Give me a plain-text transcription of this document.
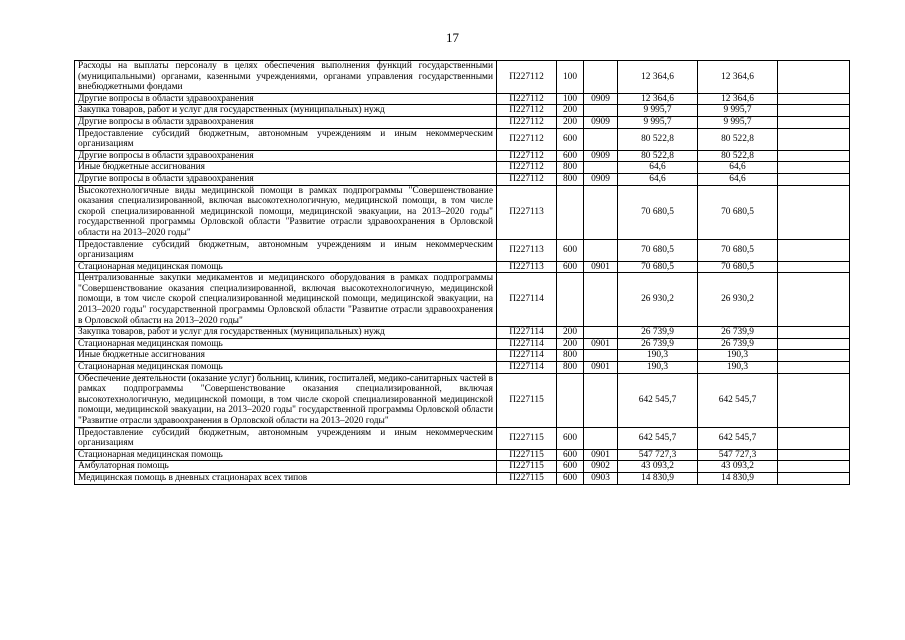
17
Расходы на выплаты персоналу в целях обеспечения выполнения функций государственными (муниципальными) органами, казенными учреждениями, органами управления государственными внебюджетными фондами	П227112	100		12 364,6	12 364,6	
Другие вопросы в области здравоохранения	П227112	100	0909	12 364,6	12 364,6	
Закупка товаров, работ и услуг для государственных (муниципальных) нужд	П227112	200		9 995,7	9 995,7	
Другие вопросы в области здравоохранения	П227112	200	0909	9 995,7	9 995,7	
Предоставление субсидий бюджетным, автономным учреждениям и иным некоммерческим организациям	П227112	600		80 522,8	80 522,8	
Другие вопросы в области здравоохранения	П227112	600	0909	80 522,8	80 522,8	
Иные бюджетные ассигнования	П227112	800		64,6	64,6	
Другие вопросы в области здравоохранения	П227112	800	0909	64,6	64,6	
Высокотехнологичные виды медицинской помощи в рамках подпрограммы "Совершенствование оказания специализированной, включая высокотехнологичную, медицинской помощи, в том числе скорой специализированной медицинской помощи, медицинской эвакуации, на 2013–2020 годы" государственной программы Орловской области "Развитие отрасли здравоохранения в Орловской области на 2013–2020 годы"	П227113			70 680,5	70 680,5	
Предоставление субсидий бюджетным, автономным учреждениям и иным некоммерческим организациям	П227113	600		70 680,5	70 680,5	
Стационарная медицинская помощь	П227113	600	0901	70 680,5	70 680,5	
Централизованные закупки медикаментов и медицинского оборудования в рамках подпрограммы "Совершенствование оказания специализированной, включая высокотехнологичную, медицинской помощи, в том числе скорой специализированной медицинской помощи, медицинской эвакуации, на 2013–2020 годы" государственной программы Орловской области "Развитие отрасли здравоохранения в Орловской области на 2013–2020 годы"	П227114			26 930,2	26 930,2	
Закупка товаров, работ и услуг для государственных (муниципальных) нужд	П227114	200		26 739,9	26 739,9	
Стационарная медицинская помощь	П227114	200	0901	26 739,9	26 739,9	
Иные бюджетные ассигнования	П227114	800		190,3	190,3	
Стационарная медицинская помощь	П227114	800	0901	190,3	190,3	
Обеспечение деятельности (оказание услуг) больниц, клиник, госпиталей, медико-санитарных частей в рамках подпрограммы "Совершенствование оказания специализированной, включая высокотехнологичную, медицинской помощи, в том числе скорой специализированной медицинской помощи, медицинской эвакуации, на 2013–2020 годы" государственной программы Орловской области "Развитие отрасли здравоохранения в Орловской области на 2013–2020 годы"	П227115			642 545,7	642 545,7	
Предоставление субсидий бюджетным, автономным учреждениям и иным некоммерческим организациям	П227115	600		642 545,7	642 545,7	
Стационарная медицинская помощь	П227115	600	0901	547 727,3	547 727,3	
Амбулаторная помощь	П227115	600	0902	43 093,2	43 093,2	
Медицинская помощь в дневных стационарах всех типов	П227115	600	0903	14 830,9	14 830,9	
